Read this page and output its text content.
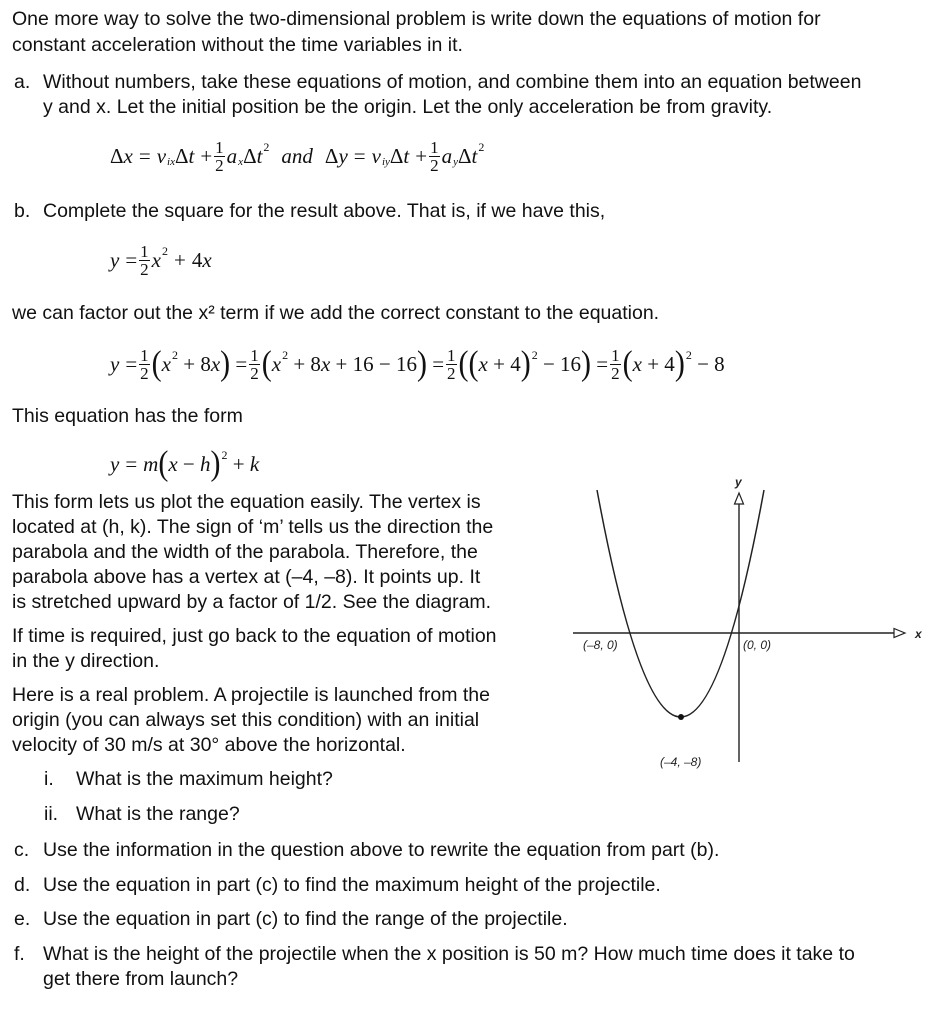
One more way to solve the two-dimensional problem is write down the equations of motion for
constant acceleration without the time variables in it.
a. Without numbers, take these equations of motion, and combine them into an equation between
y and x. Let the initial position be the origin. Let the only acceleration be from gravity.
Δ x = v ix Δ $t + \frac{1}{2}$ a x Δ t 2 and Δ y = v iy Δ $t + \frac{1}{2}$ a y Δ t 2
b. Complete the square for the result above. That is, if we have this,
$y = \frac{1}{2}$ x 2 + 4 x
we can factor out the x² term if we add the correct constant to the equation.
$y = \frac{1}{2}$ ( x 2 + 8 x ) = $\frac{1}{2}$ ( x 2 + 8 x + 16 − 16 ) = $\frac{1}{2}$ (( x + 4 ) 2 − 16 ) = $\frac{1}{2}$ ( x + 4 ) 2 − 8
This equation has the form
y = m ( x − h ) 2 + k
This form lets us plot the equation easily. The vertex is
located at (h, k). The sign of ‘m’ tells us the direction the
parabola and the width of the parabola. Therefore, the
parabola above has a vertex at (–4, –8). It points up. It
is stretched upward by a factor of 1/2. See the diagram.
If time is required, just go back to the equation of motion
in the y direction.
Here is a real problem. A projectile is launched from the
origin (you can always set this condition) with an initial
velocity of 30 m/s at 30° above the horizontal.
i. What is the maximum height?
ii. What is the range?
c. Use the information in the question above to rewrite the equation from part (b).
d. Use the equation in part (c) to find the maximum height of the projectile.
e. Use the equation in part (c) to find the range of the projectile.
f. What is the height of the projectile when the x position is 50 m? How much time does it take to
get there from launch?
y
x
(–8, 0)	(0, 0)
(–4, –8)
